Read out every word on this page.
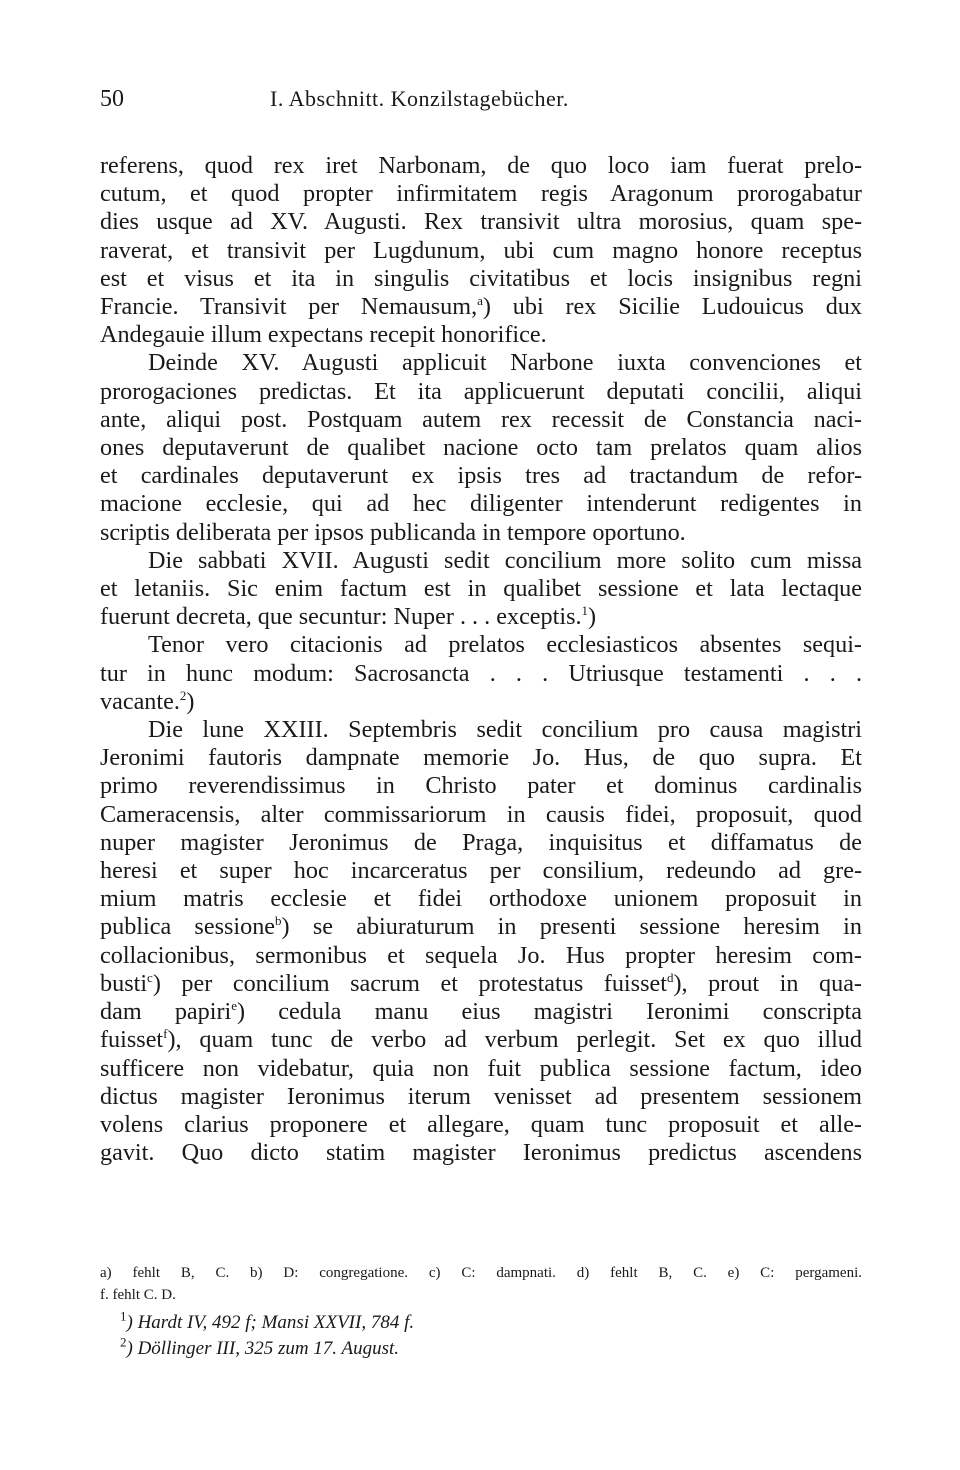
50	I. Abschnitt. Konzilstagebücher.
referens, quod rex iret Narbonam, de quo loco iam fuerat prelo-
cutum, et quod propter infirmitatem regis Aragonum prorogabatur
dies usque ad XV. Augusti. Rex transivit ultra morosius, quam spe-
raverat, et transivit per Lugdunum, ubi cum magno honore receptus
est et visus et ita in singulis civitatibus et locis insignibus regni
Francie. Transivit per Nemausum,$^a$) ubi rex Sicilie Ludouicus dux
Andegauie illum expectans recepit honorifice.
Deinde XV. Augusti applicuit Narbone iuxta convenciones et
prorogaciones predictas. Et ita applicuerunt deputati concilii, aliqui
ante, aliqui post. Postquam autem rex recessit de Constancia naci-
ones deputaverunt de qualibet nacione octo tam prelatos quam alios
et cardinales deputaverunt ex ipsis tres ad tractandum de refor-
macione ecclesie, qui ad hec diligenter intenderunt redigentes in
scriptis deliberata per ipsos publicanda in tempore oportuno.
Die sabbati XVII. Augusti sedit concilium more solito cum missa
et letaniis. Sic enim factum est in qualibet sessione et lata lectaque
fuerunt decreta, que secuntur: Nuper . . . exceptis.$^1$)
Tenor vero citacionis ad prelatos ecclesiasticos absentes sequi-
tur in hunc modum: Sacrosancta . . . Utriusque testamenti . . .
vacante.$^2$)
Die lune XXIII. Septembris sedit concilium pro causa magistri
Jeronimi fautoris dampnate memorie Jo. Hus, de quo supra. Et
primo reverendissimus in Christo pater et dominus cardinalis
Cameracensis, alter commissariorum in causis fidei, proposuit, quod
nuper magister Jeronimus de Praga, inquisitus et diffamatus de
heresi et super hoc incarceratus per consilium, redeundo ad gre-
mium matris ecclesie et fidei orthodoxe unionem proposuit in
publica sessione$^b$) se abiuraturum in presenti sessione heresim in
collacionibus, sermonibus et sequela Jo. Hus propter heresim com-
busti$^c$) per concilium sacrum et protestatus fuisset$^d$), prout in qua-
dam papiri$^e$) cedula manu eius magistri Ieronimi conscripta
fuisset$^f$), quam tunc de verbo ad verbum perlegit. Set ex quo illud
sufficere non videbatur, quia non fuit publica sessione factum, ideo
dictus magister Ieronimus iterum venisset ad presentem sessionem
volens clarius proponere et allegare, quam tunc proposuit et alle-
gavit. Quo dicto statim magister Ieronimus predictus ascendens
a) fehlt B, C. b) D: congregatione. c) C: dampnati. d) fehlt B, C. e) C: pergameni.
f. fehlt C. D.
$^1$) Hardt IV, 492 f; Mansi XXVII, 784 f.
$^2$) Döllinger III, 325 zum 17. August.
